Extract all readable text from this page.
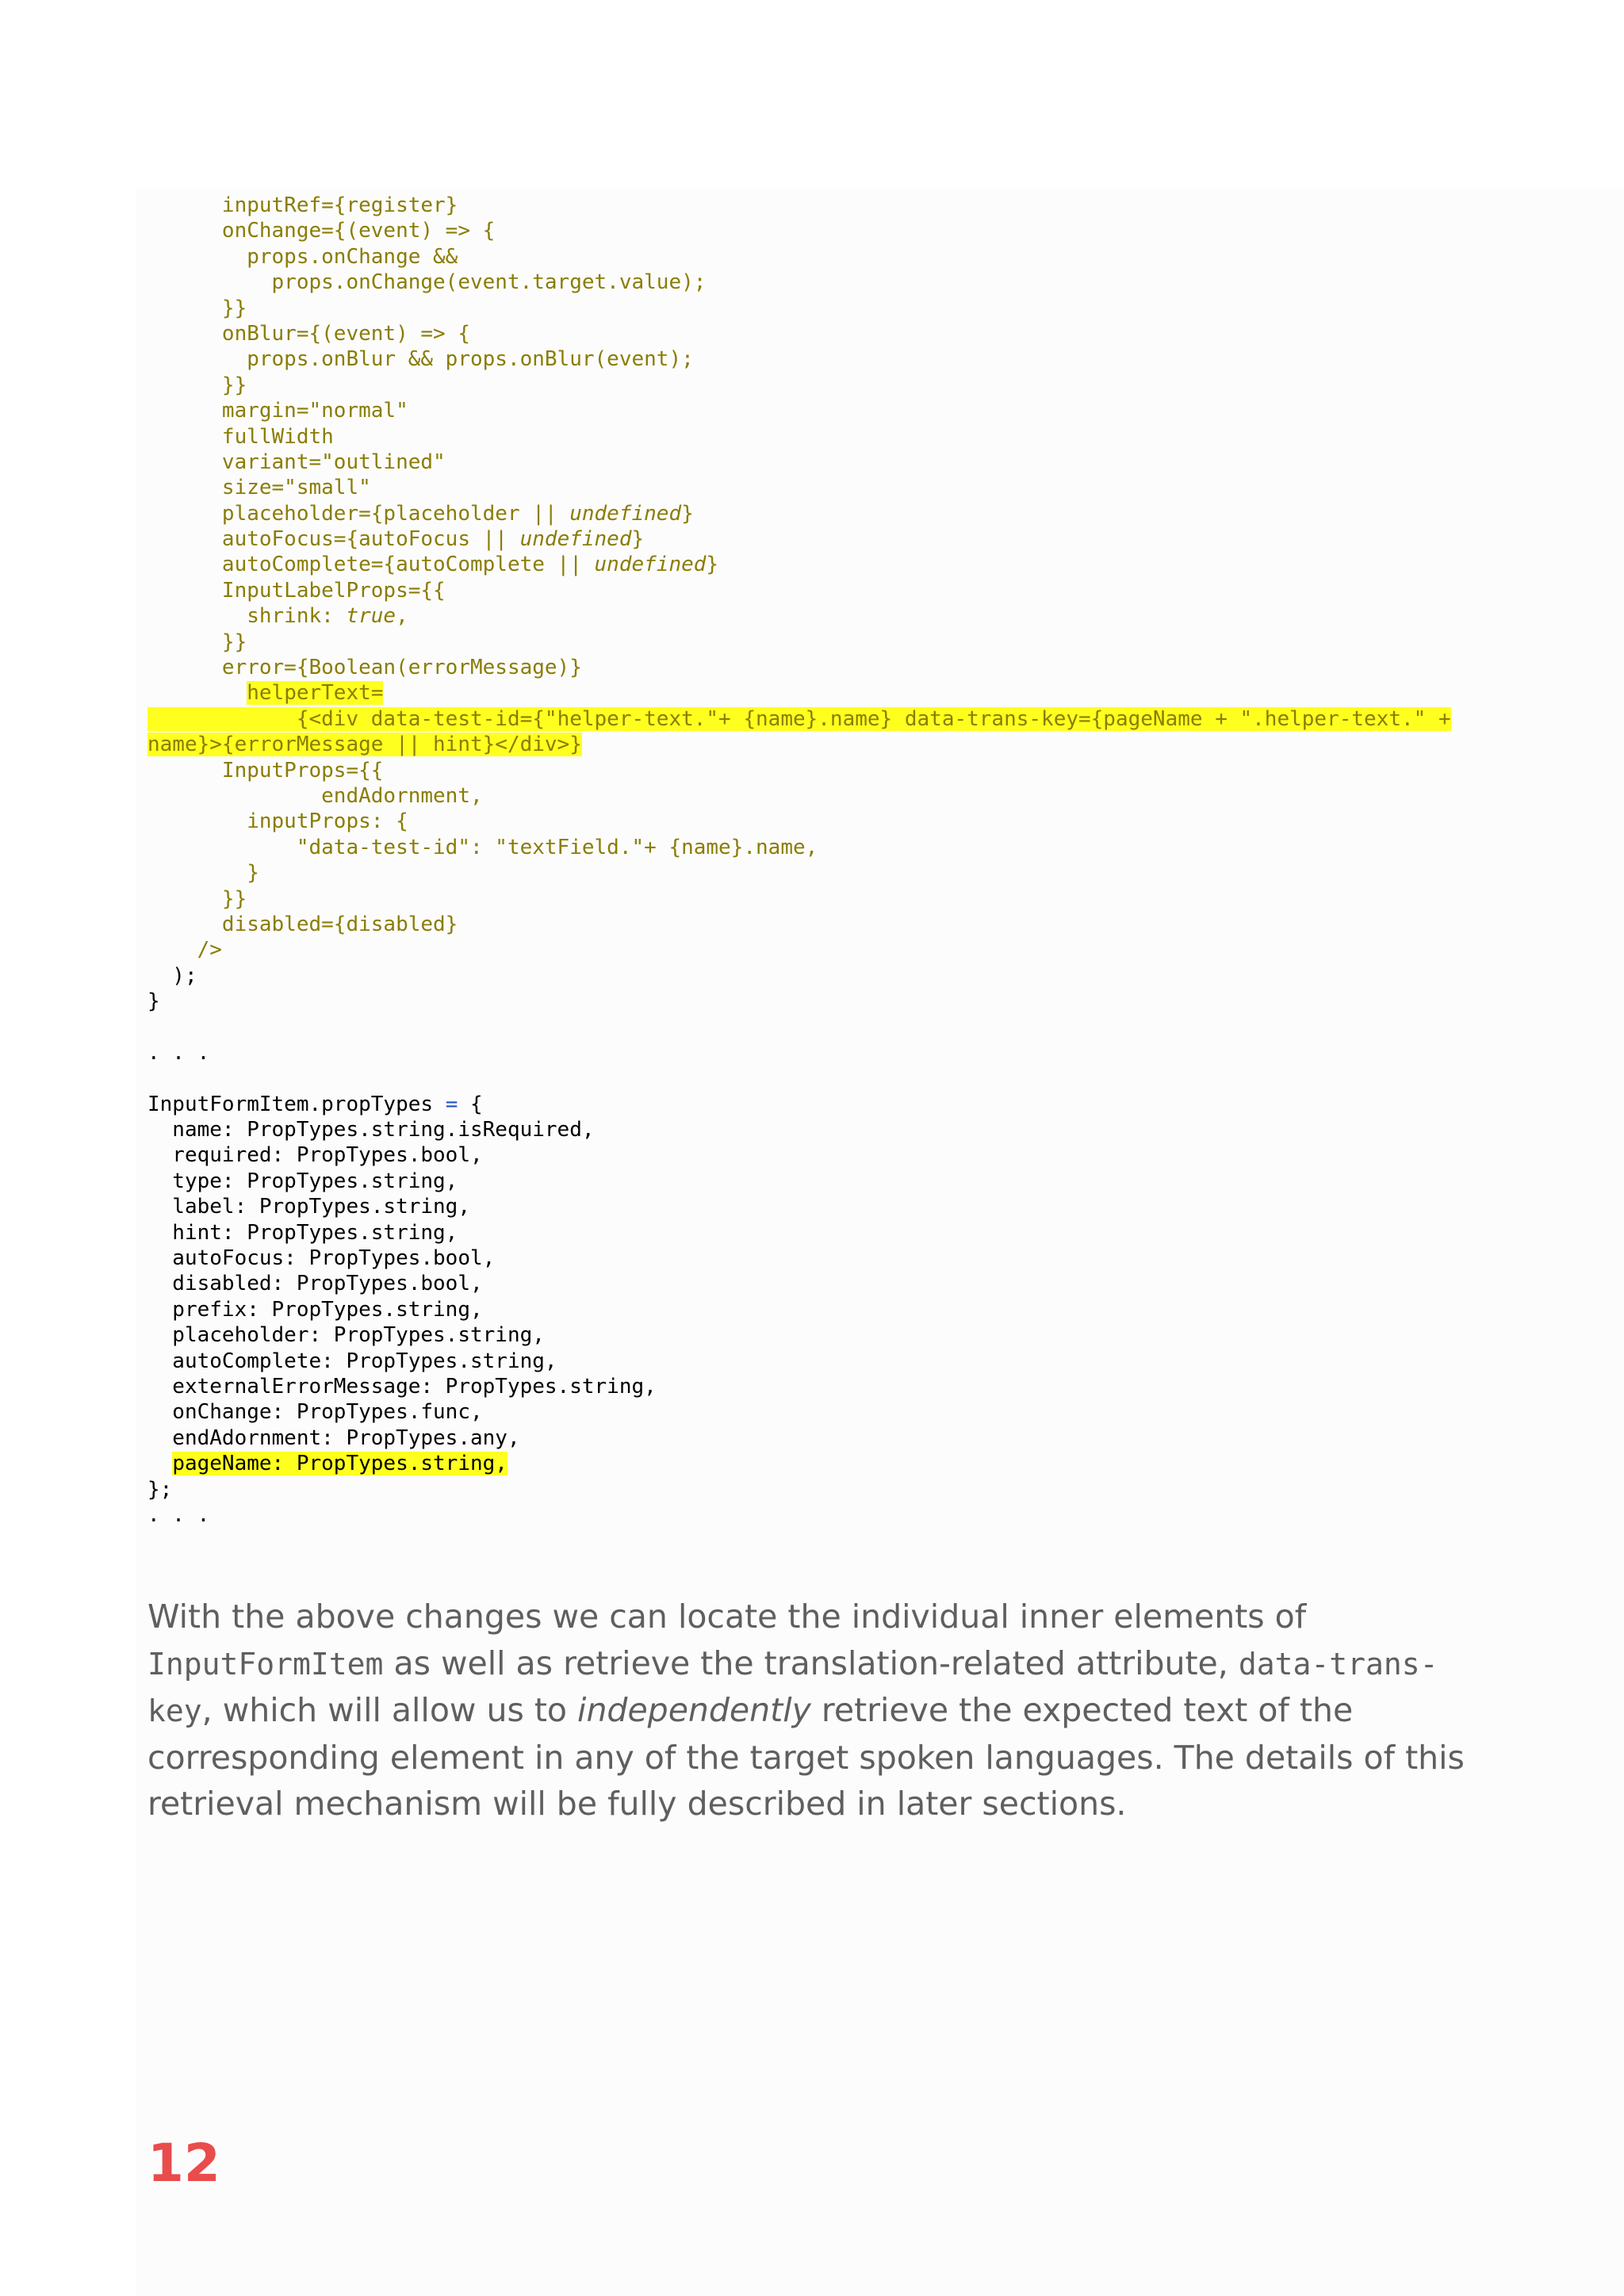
inputRef={register}
onChange={(event) => {
props.onChange &&
props.onChange(event.target.value);
}}
onBlur={(event) => {
props.onBlur && props.onBlur(event);
}}
margin="normal"
fullWidth
variant="outlined"
size="small"
placeholder={placeholder || undefined}
autoFocus={autoFocus || undefined}
autoComplete={autoComplete || undefined}
InputLabelProps={{
shrink: true,
}}
error={Boolean(errorMessage)}
helperText=
{<div data-test-id={"helper-text."+ {name}.name} data-trans-key={pageName + ".helper-text." +
name}>{errorMessage || hint}</div>}
InputProps={{
endAdornment,
inputProps: {
"data-test-id": "textField."+ {name}.name,
}
}}
disabled={disabled}
/>
);
}
. . .
InputFormItem.propTypes = {
name: PropTypes.string.isRequired,
required: PropTypes.bool,
type: PropTypes.string,
label: PropTypes.string,
hint: PropTypes.string,
autoFocus: PropTypes.bool,
disabled: PropTypes.bool,
prefix: PropTypes.string,
placeholder: PropTypes.string,
autoComplete: PropTypes.string,
externalErrorMessage: PropTypes.string,
onChange: PropTypes.func,
endAdornment: PropTypes.any,
pageName: PropTypes.string,
};
. . .

With the above changes we can locate the individual inner elements of InputFormItem as well as retrieve the translation-related attribute, data-trans-key, which will allow us to independently retrieve the expected text of the corresponding element in any of the target spoken languages. The details of this retrieval mechanism will be fully described in later sections.

12
